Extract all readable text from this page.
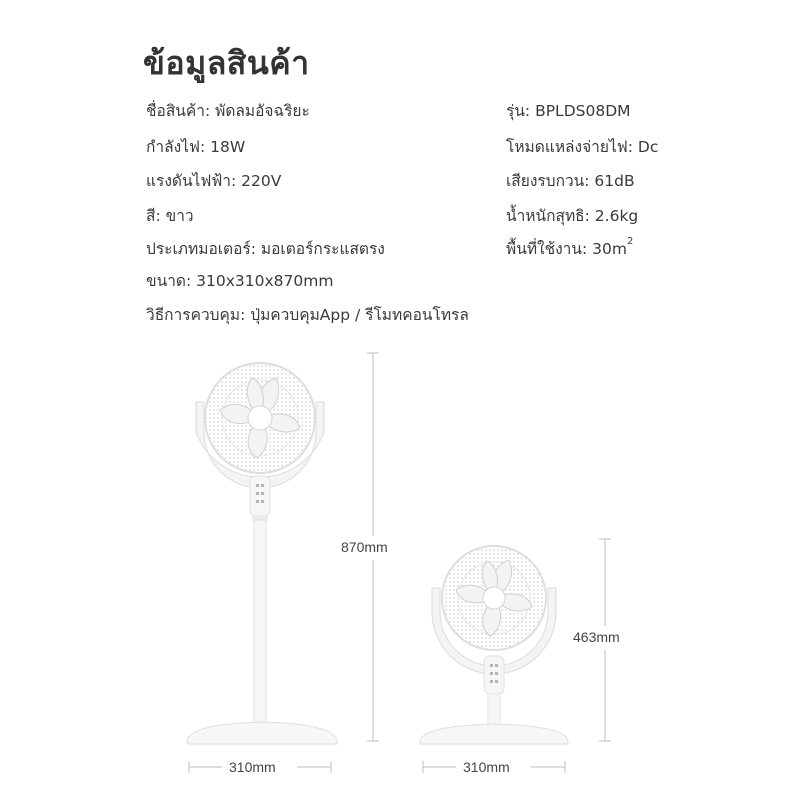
ข้อมูลสินค้า
ชื่อสินค้า: พัดลมอัจฉริยะ
กำลังไฟ: 18W
แรงดันไฟฟ้า: 220V
สี: ขาว
ประเภทมอเตอร์: มอเตอร์กระแสตรง
ขนาด: 310x310x870mm
วิธีการควบคุม: ปุ่มควบคุมApp / รีโมทคอนโทรล
รุ่น: BPLDS08DM
โหมดแหล่งจ่ายไฟ: Dc
เสียงรบกวน: 61dB
น้ำหนักสุทธิ: 2.6kg
พื้นที่ใช้งาน: $30m^2$
870mm
463mm
310mm	310mm
